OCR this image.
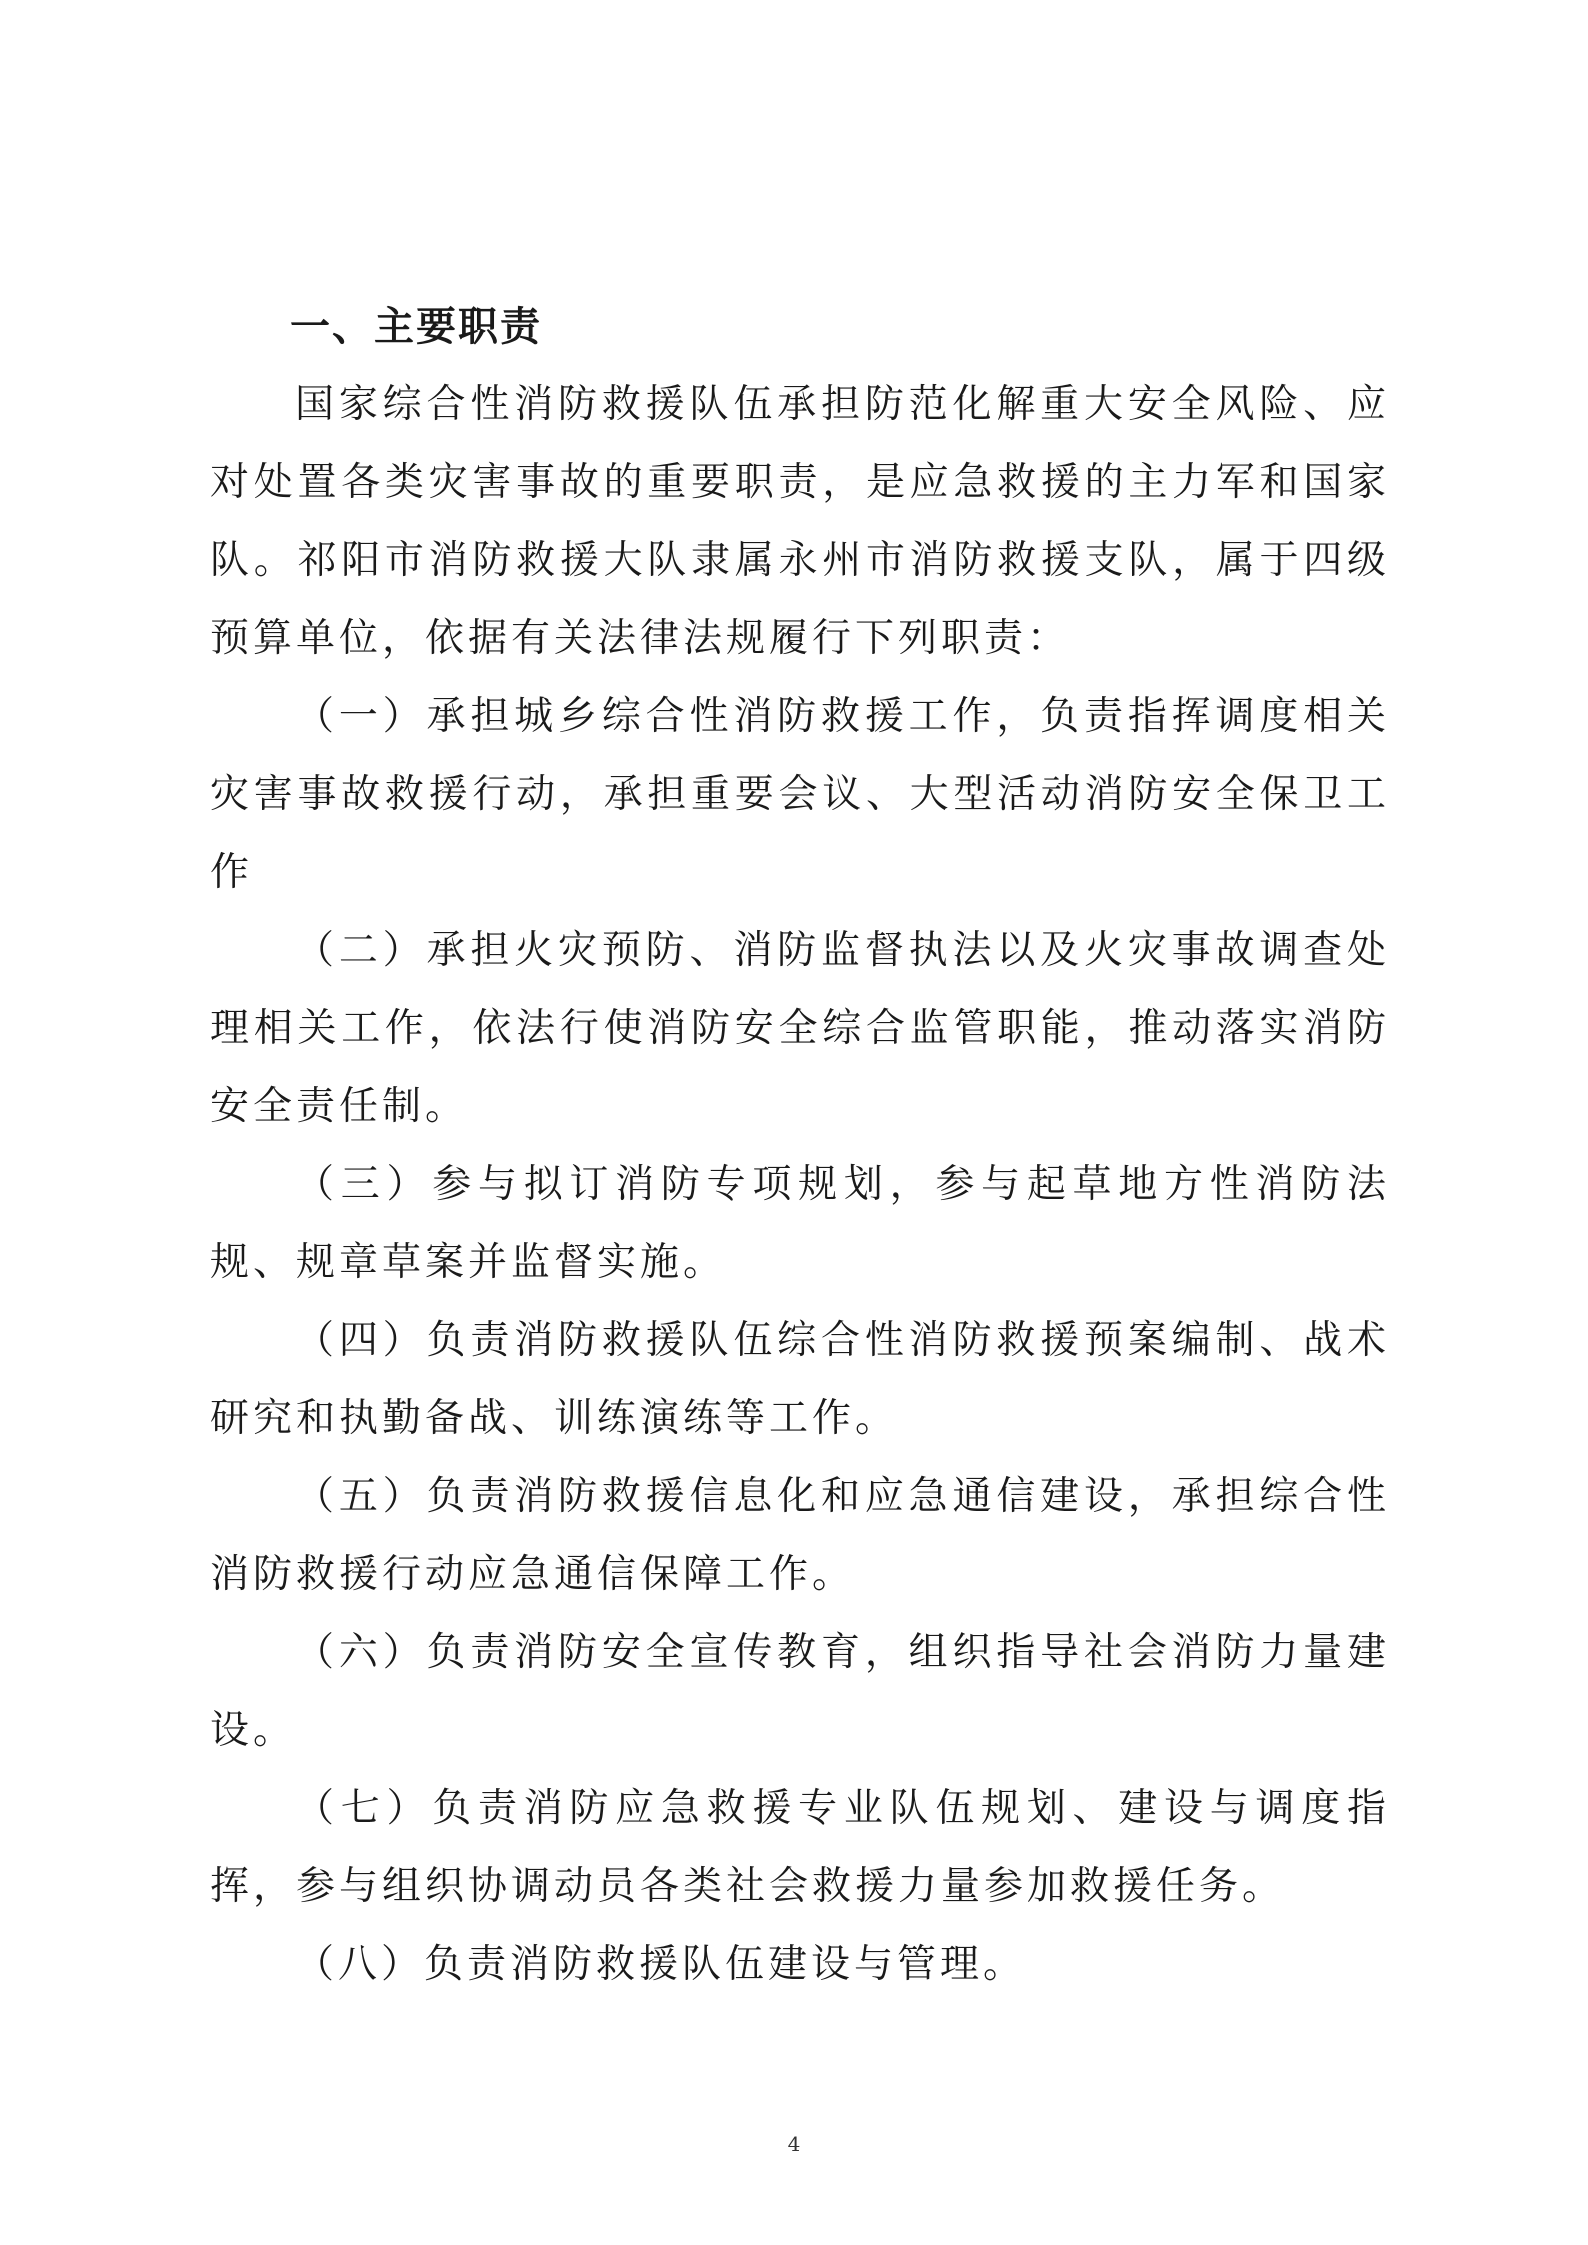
一、主要职责

国家综合性消防救援队伍承担防范化解重大安全风险、应对处置各类灾害事故的重要职责，是应急救援的主力军和国家队。祁阳市消防救援大队隶属永州市消防救援支队，属于四级预算单位，依据有关法律法规履行下列职责：

（一）承担城乡综合性消防救援工作，负责指挥调度相关灾害事故救援行动，承担重要会议、大型活动消防安全保卫工作

（二）承担火灾预防、消防监督执法以及火灾事故调查处理相关工作，依法行使消防安全综合监管职能，推动落实消防安全责任制。

（三）参与拟订消防专项规划，参与起草地方性消防法规、规章草案并监督实施。

（四）负责消防救援队伍综合性消防救援预案编制、战术研究和执勤备战、训练演练等工作。

（五）负责消防救援信息化和应急通信建设，承担综合性消防救援行动应急通信保障工作。

（六）负责消防安全宣传教育，组织指导社会消防力量建设。

（七）负责消防应急救援专业队伍规划、建设与调度指挥，参与组织协调动员各类社会救援力量参加救援任务。

（八）负责消防救援队伍建设与管理。

4
